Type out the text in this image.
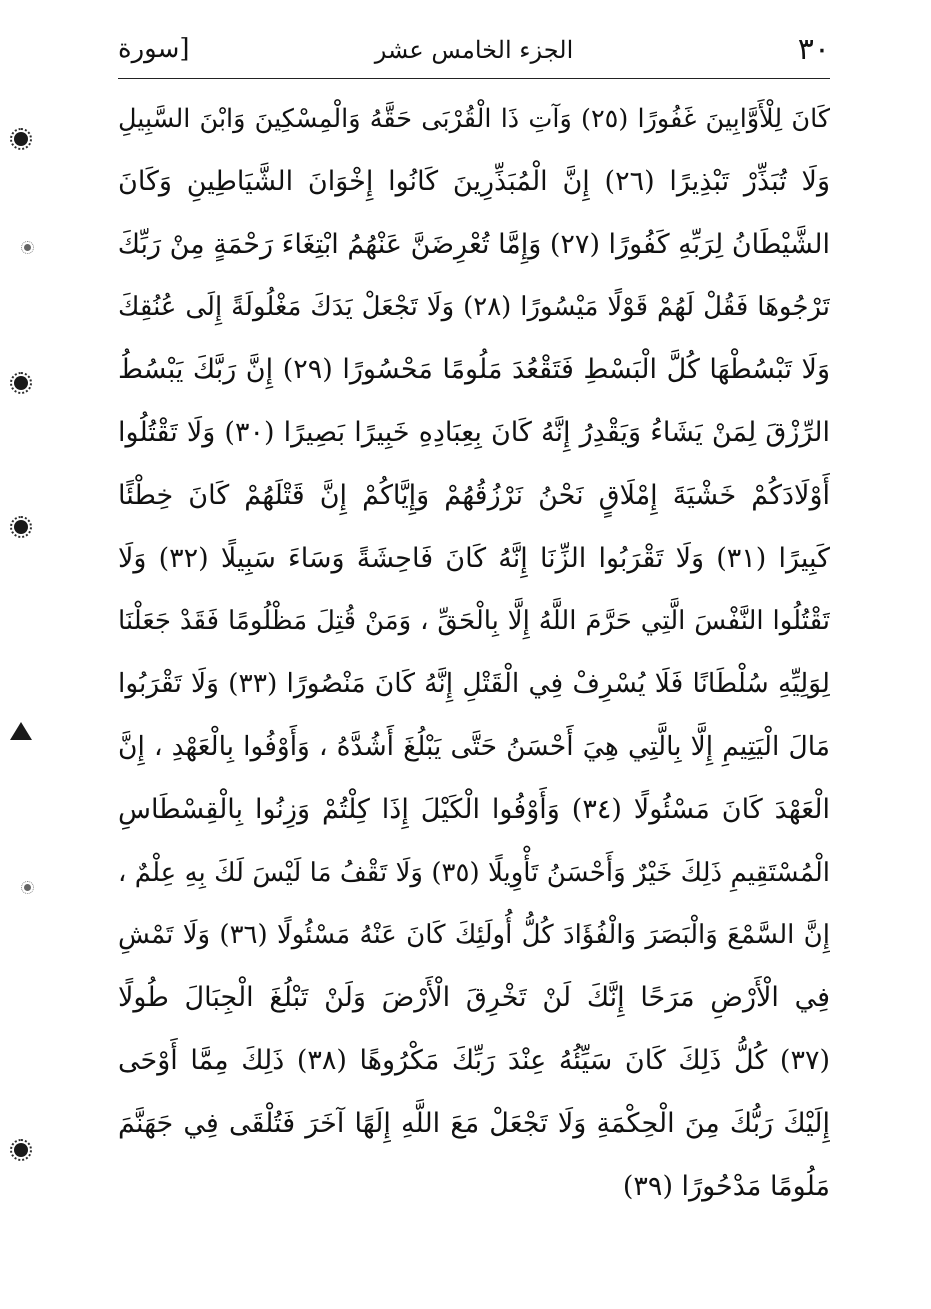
٣٠
الجزء الخامس عشر
[سورة
كَانَ لِلْأَوَّابِينَ غَفُورًا (٢٥) وَآتِ ذَا الْقُرْبَى حَقَّهُ وَالْمِسْكِينَ وَابْنَ السَّبِيلِ
وَلَا تُبَذِّرْ تَبْذِيرًا (٢٦) إِنَّ الْمُبَذِّرِينَ كَانُوا إِخْوَانَ الشَّيَاطِينِ وَكَانَ
الشَّيْطَانُ لِرَبِّهِ كَفُورًا (٢٧) وَإِمَّا تُعْرِضَنَّ عَنْهُمُ ابْتِغَاءَ رَحْمَةٍ مِنْ رَبِّكَ
تَرْجُوهَا فَقُلْ لَهُمْ قَوْلًا مَيْسُورًا (٢٨) وَلَا تَجْعَلْ يَدَكَ مَغْلُولَةً إِلَى عُنُقِكَ
وَلَا تَبْسُطْهَا كُلَّ الْبَسْطِ فَتَقْعُدَ مَلُومًا مَحْسُورًا (٢٩) إِنَّ رَبَّكَ يَبْسُطُ
الرِّزْقَ لِمَنْ يَشَاءُ وَيَقْدِرُ إِنَّهُ كَانَ بِعِبَادِهِ خَبِيرًا بَصِيرًا (٣٠) وَلَا تَقْتُلُوا
أَوْلَادَكُمْ خَشْيَةَ إِمْلَاقٍ نَحْنُ نَرْزُقُهُمْ وَإِيَّاكُمْ إِنَّ قَتْلَهُمْ كَانَ خِطْئًا
كَبِيرًا (٣١) وَلَا تَقْرَبُوا الزِّنَا إِنَّهُ كَانَ فَاحِشَةً وَسَاءَ سَبِيلًا (٣٢) وَلَا
تَقْتُلُوا النَّفْسَ الَّتِي حَرَّمَ اللَّهُ إِلَّا بِالْحَقِّ ، وَمَنْ قُتِلَ مَظْلُومًا فَقَدْ جَعَلْنَا
لِوَلِيِّهِ سُلْطَانًا فَلَا يُسْرِفْ فِي الْقَتْلِ إِنَّهُ كَانَ مَنْصُورًا (٣٣) وَلَا تَقْرَبُوا
مَالَ الْيَتِيمِ إِلَّا بِالَّتِي هِيَ أَحْسَنُ حَتَّى يَبْلُغَ أَشُدَّهُ ، وَأَوْفُوا بِالْعَهْدِ ، إِنَّ
الْعَهْدَ كَانَ مَسْئُولًا (٣٤) وَأَوْفُوا الْكَيْلَ إِذَا كِلْتُمْ وَزِنُوا بِالْقِسْطَاسِ
الْمُسْتَقِيمِ ذَلِكَ خَيْرٌ وَأَحْسَنُ تَأْوِيلًا (٣٥) وَلَا تَقْفُ مَا لَيْسَ لَكَ بِهِ عِلْمٌ ،
إِنَّ السَّمْعَ وَالْبَصَرَ وَالْفُؤَادَ كُلُّ أُولَئِكَ كَانَ عَنْهُ مَسْئُولًا (٣٦) وَلَا تَمْشِ
فِي الْأَرْضِ مَرَحًا إِنَّكَ لَنْ تَخْرِقَ الْأَرْضَ وَلَنْ تَبْلُغَ الْجِبَالَ طُولًا
(٣٧) كُلُّ ذَلِكَ كَانَ سَيِّئُهُ عِنْدَ رَبِّكَ مَكْرُوهًا (٣٨) ذَلِكَ مِمَّا أَوْحَى
إِلَيْكَ رَبُّكَ مِنَ الْحِكْمَةِ وَلَا تَجْعَلْ مَعَ اللَّهِ إِلَهًا آخَرَ فَتُلْقَى فِي جَهَنَّمَ
مَلُومًا مَدْحُورًا (٣٩)
